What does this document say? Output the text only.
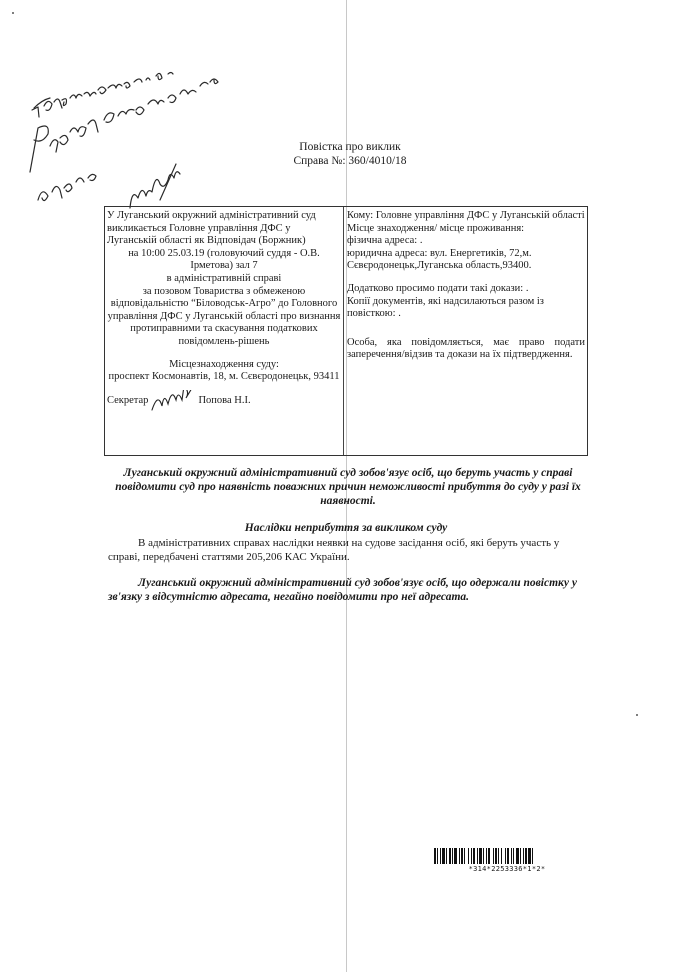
Повістка про виклик
Справа №: 360/4010/18
У Луганський окружний адміністративний суд викликається Головне управління ДФС у Луганській області як Відповідач (Боржник)
на 10:00 25.03.19 (головуючий суддя - О.В. Ірметова) зал 7
в адміністративній справі
за позовом Товариства з обмеженою відповідальністю “Біловодськ-Агро” до Головного управління ДФС у Луганській області про визнання протиправними та скасування податкових повідомлень-рішень
Місцезнаходження суду:
проспект Космонавтів, 18, м. Сєвєродонецьк, 93411
Секретар	Попова Н.І.
Кому: Головне управління ДФС у Луганській області
Місце знаходження/ місце проживання:
фізична адреса: .
юридична адреса: вул. Енергетиків, 72,м. Сєвєродонецьк,Луганська область,93400.
Додатково просимо подати такі докази: .
Копії документів, які надсилаються разом із повісткою: .
Особа, яка повідомляється, має право подати заперечення/відзив та докази на їх підтвердження.
Луганський окружний адміністративний суд зобов'язує осіб, що беруть участь у справі повідомити суд про наявність поважних причин неможливості прибуття до суду у разі їх наявності.
Наслідки неприбуття за викликом суду
В адміністративних справах наслідки неявки на судове засідання осіб, які беруть участь у справі, передбачені статтями 205,206 КАС України.
Луганський окружний адміністративний суд зобов'язує осіб, що одержали повістку у зв'язку з відсутністю адресата, негайно повідомити про неї адресата.
*314*2253336*1*2*
